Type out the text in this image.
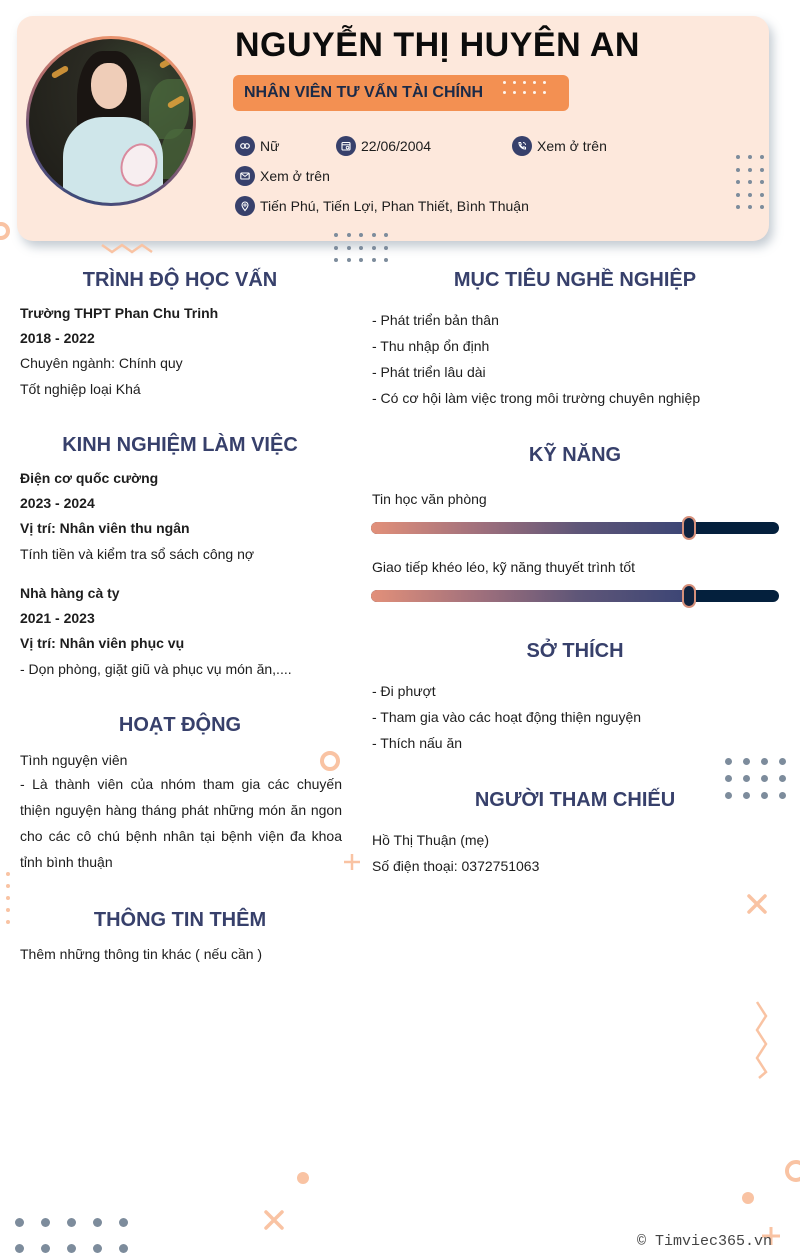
NGUYỄN THỊ HUYÊN AN
NHÂN VIÊN TƯ VẤN TÀI CHÍNH
Nữ	22/06/2004	Xem ở trên
Xem ở trên
Tiến Phú, Tiến Lợi, Phan Thiết, Bình Thuận
TRÌNH ĐỘ HỌC VẤN
Trường THPT Phan Chu Trinh
2018 - 2022
Chuyên ngành: Chính quy
Tốt nghiệp loại Khá
KINH NGHIỆM LÀM VIỆC
Điện cơ quốc cường
2023 - 2024
Vị trí: Nhân viên thu ngân
Tính tiền và kiểm tra sổ sách công nợ
Nhà hàng cà ty
2021 - 2023
Vị trí: Nhân viên phục vụ
- Dọn phòng, giặt giũ và phục vụ món ăn,....
HOẠT ĐỘNG
Tình nguyện viên
- Là thành viên của nhóm tham gia các chuyến thiện nguyện hàng tháng phát những món ăn ngon cho các cô chú bệnh nhân tại bệnh viện đa khoa tỉnh bình thuận
THÔNG TIN THÊM
Thêm những thông tin khác ( nếu cần )
MỤC TIÊU NGHỀ NGHIỆP
- Phát triển bản thân
- Thu nhập ổn định
- Phát triển lâu dài
- Có cơ hội làm việc trong môi trường chuyên nghiệp
KỸ NĂNG
Tin học văn phòng
Giao tiếp khéo léo, kỹ năng thuyết trình tốt
SỞ THÍCH
- Đi phượt
- Tham gia vào các hoạt động thiện nguyện
- Thích nấu ăn
NGƯỜI THAM CHIẾU
Hồ Thị Thuận (mẹ)
Số điện thoại: 0372751063
© Timviec365.vn
